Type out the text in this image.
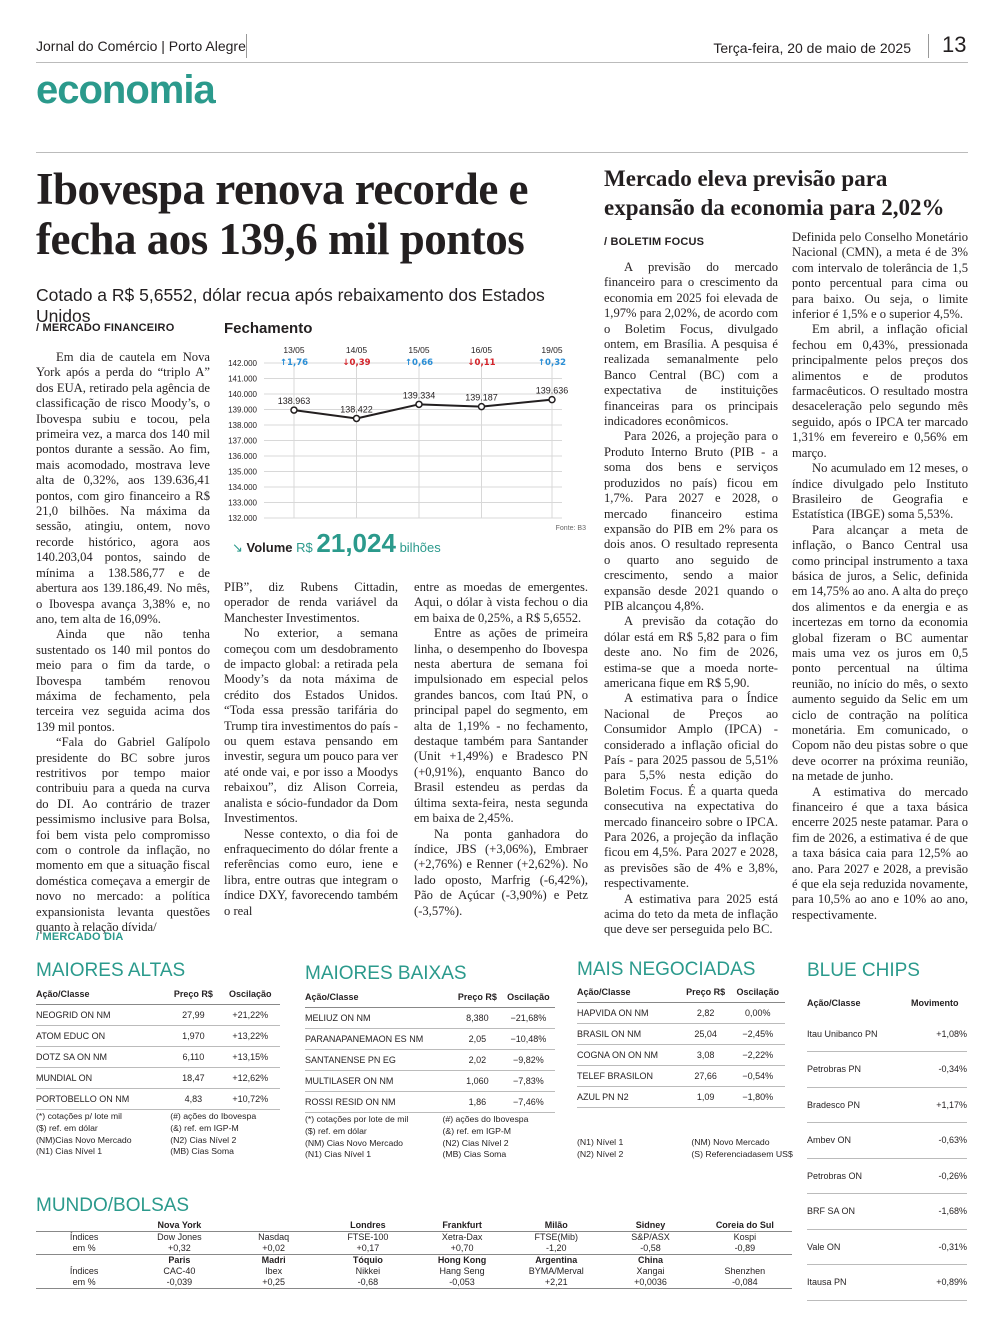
Jornal do Comércio | Porto Alegre	Terça-feira, 20 de maio de 2025 13
economia
Ibovespa renova recorde e
fecha aos 139,6 mil pontos
Cotado a R$ 5,6552, dólar recua após rebaixamento dos Estados Unidos
/ MERCADO FINANCEIRO

Em dia de cautela em Nova York após a perda do “triplo A” dos EUA, retirado pela agência de classificação de risco Moody’s, o Ibovespa subiu e tocou, pela primeira vez, a marca dos 140 mil pontos durante a sessão. Ao fim, mais acomodado, mostrava leve alta de 0,32%, aos 139.636,41 pontos, com giro financeiro a R$ 21,0 bilhões. Na máxima da sessão, atingiu, ontem, novo recorde histórico, agora aos 140.203,04 pontos, saindo de mínima a 138.586,77 e de abertura aos 139.186,49. No mês, o Ibovespa avança 3,38% e, no ano, tem alta de 16,09%.

Ainda que não tenha sustentado os 140 mil pontos do meio para o fim da tarde, o Ibovespa também renovou máxima de fechamento, pela terceira vez seguida acima dos 139 mil pontos.

“Fala do Gabriel Galípolo presidente do BC sobre juros restritivos por tempo maior contribuiu para a queda na curva do DI. Ao contrário de trazer pessimismo inclusive para Bolsa, foi bem vista pelo compromisso com o controle da inflação, no momento em que a situação fiscal doméstica começava a emergir de novo no mercado: a política expansionista levanta questões quanto à relação dívida/

PIB”, diz Rubens Cittadin, operador de renda variável da Manchester Investimentos.

No exterior, a semana começou com um desdobramento de impacto global: a retirada pela Moody’s da nota máxima de crédito dos Estados Unidos. “Toda essa pressão tarifária do Trump tira investimentos do país - ou quem estava pensando em investir, segura um pouco para ver até onde vai, e por isso a Moodys rebaixou”, diz Alison Correia, analista e sócio-fundador da Dom Investimentos.

Nesse contexto, o dia foi de enfraquecimento do dólar frente a referências como euro, iene e libra, entre outras que integram o índice DXY, favorecendo também o real

entre as moedas de emergentes. Aqui, o dólar à vista fechou o dia em baixa de 0,25%, a R$ 5,6552.

Entre as ações de primeira linha, o desempenho do Ibovespa nesta abertura de semana foi impulsionado em especial pelos grandes bancos, com Itaú PN, o principal papel do segmento, em alta de 1,19% - no fechamento, destaque também para Santander (Unit +1,49%) e Bradesco PN (+0,91%), enquanto Banco do Brasil estendeu as perdas da última sexta-feira, nesta segunda em baixa de 2,45%.

Na ponta ganhadora do índice, JBS (+3,06%), Embraer (+2,76%) e Renner (+2,62%). No lado oposto, Marfrig (-6,42%), Pão de Açúcar (-3,90%) e Petz (-3,57%).

Fechamento
142.000
141.000
140.000
139.000
138.000
137.000
136.000
135.000
134.000
133.000
132.000
138.963
13/05
↑1,76
138.422
14/05
↓0,39
139.334
15/05
↑0,66
139.187
16/05
↓0,11
139.636
19/05
↑0,32
Fonte: B3
↘ Volume R$ 21,024 bilhões
Mercado eleva previsão para
expansão da economia para 2,02%
/ BOLETIM FOCUS

A previsão do mercado financeiro para o crescimento da economia em 2025 foi elevada de 1,97% para 2,02%, de acordo com o Boletim Focus, divulgado ontem, em Brasília. A pesquisa é realizada semanalmente pelo Banco Central (BC) com a expectativa de instituições financeiras para os principais indicadores econômicos.

Para 2026, a projeção para o Produto Interno Bruto (PIB - a soma dos bens e serviços produzidos no país) ficou em 1,7%. Para 2027 e 2028, o mercado financeiro estima expansão do PIB em 2% para os dois anos. O resultado representa o quarto ano seguido de crescimento, sendo a maior expansão desde 2021 quando o PIB alcançou 4,8%.

A previsão da cotação do dólar está em R$ 5,82 para o fim deste ano. No fim de 2026, estima-se que a moeda norte-americana fique em R$ 5,90.

A estimativa para o Índice Nacional de Preços ao Consumidor Amplo (IPCA) - considerado a inflação oficial do País - para 2025 passou de 5,51% para 5,5% nesta edição do Boletim Focus. É a quarta queda consecutiva na expectativa do mercado financeiro sobre o IPCA. Para 2026, a projeção da inflação ficou em 4,5%. Para 2027 e 2028, as previsões são de 4% e 3,8%, respectivamente.

A estimativa para 2025 está acima do teto da meta de inflação que deve ser perseguida pelo BC.

Definida pelo Conselho Monetário Nacional (CMN), a meta é de 3% com intervalo de tolerância de 1,5 ponto percentual para cima ou para baixo. Ou seja, o limite inferior é 1,5% e o superior 4,5%.

Em abril, a inflação oficial fechou em 0,43%, pressionada principalmente pelos preços dos alimentos e de produtos farmacêuticos. O resultado mostra desaceleração pelo segundo mês seguido, após o IPCA ter marcado 1,31% em fevereiro e 0,56% em março.

No acumulado em 12 meses, o índice divulgado pelo Instituto Brasileiro de Geografia e Estatística (IBGE) soma 5,53%.

Para alcançar a meta de inflação, o Banco Central usa como principal instrumento a taxa básica de juros, a Selic, definida em 14,75% ao ano. A alta do preço dos alimentos e da energia e as incertezas em torno da economia global fizeram o BC aumentar mais uma vez os juros em 0,5 ponto percentual na última reunião, no início do mês, o sexto aumento seguido da Selic em um ciclo de contração na política monetária. Em comunicado, o Copom não deu pistas sobre o que deve ocorrer na próxima reunião, na metade de junho.

A estimativa do mercado financeiro é que a taxa básica encerre 2025 neste patamar. Para o fim de 2026, a estimativa é de que a taxa básica caia para 12,5% ao ano. Para 2027 e 2028, a previsão é que ela seja reduzida novamente, para 10,5% ao ano e 10% ao ano, respectivamente.

/ MERCADO DIA
MAIORES ALTAS
Ação/Classe	Preço R$	Oscilação
NEOGRID ON NM	27,99	+21,22%
ATOM EDUC ON	1,970	+13,22%
DOTZ SA ON NM	6,110	+13,15%
MUNDIAL ON	18,47	+12,62%
PORTOBELLO ON NM	4,83	+10,72%
(*) cotações p/ lote mil
($) ref. em dólar
(NM)Cias Novo Mercado
(N1) Cias Nível 1
(#) ações do Ibovespa
(&) ref. em IGP-M
(N2) Cias Nível 2
(MB) Cias Soma
MAIORES BAIXAS
Ação/Classe	Preço R$	Oscilação
MELIUZ ON NM	8,380	−21,68%
PARANAPANEMAON ES NM	2,05	−10,48%
SANTANENSE PN EG	2,02	−9,82%
MULTILASER ON NM	1,060	−7,83%
ROSSI RESID ON NM	1,86	−7,46%
(*) cotações por lote de mil
($) ref. em dólar
(NM) Cias Novo Mercado
(N1) Cias Nível 1
(#) ações do Ibovespa
(&) ref. em IGP-M
(N2) Cias Nível 2
(MB) Cias Soma
MAIS NEGOCIADAS
Ação/Classe	Preço R$	Oscilação
HAPVIDA ON NM	2,82	0,00%
BRASIL ON NM	25,04	−2,45%
COGNA ON ON NM	3,08	−2,22%
TELEF BRASILON	27,66	−0,54%
AZUL PN N2	1,09	−1,80%
(N1) Nível 1
(N2) Nível 2
(NM) Novo Mercado
(S) Referenciadasem US$
BLUE CHIPS
Ação/Classe	Movimento
Itau Unibanco PN	+1,08%
Petrobras PN	-0,34%
Bradesco PN	+1,17%
Ambev ON	-0,63%
Petrobras ON	-0,26%
BRF SA ON	-1,68%
Vale ON	-0,31%
Itausa PN	+0,89%
MUNDO/BOLSAS
	Nova York		Londres	Frankfurt	Milão	Sidney	Coreia do Sul
Índices	Dow Jones	Nasdaq	FTSE-100	Xetra-Dax	FTSE(Mib)	S&P/ASX	Kospi
em %	+0,32	+0,02	+0,17	+0,70	-1,20	-0,58	-0,89
	Paris	Madri	Tóquio	Hong Kong	Argentina	China	
Índices	CAC-40	Ibex	Nikkei	Hang Seng	BYMA/Merval	Xangai	Shenzhen
em %	-0,039	+0,25	-0,68	-0,053	+2,21	+0,0036	-0,084
